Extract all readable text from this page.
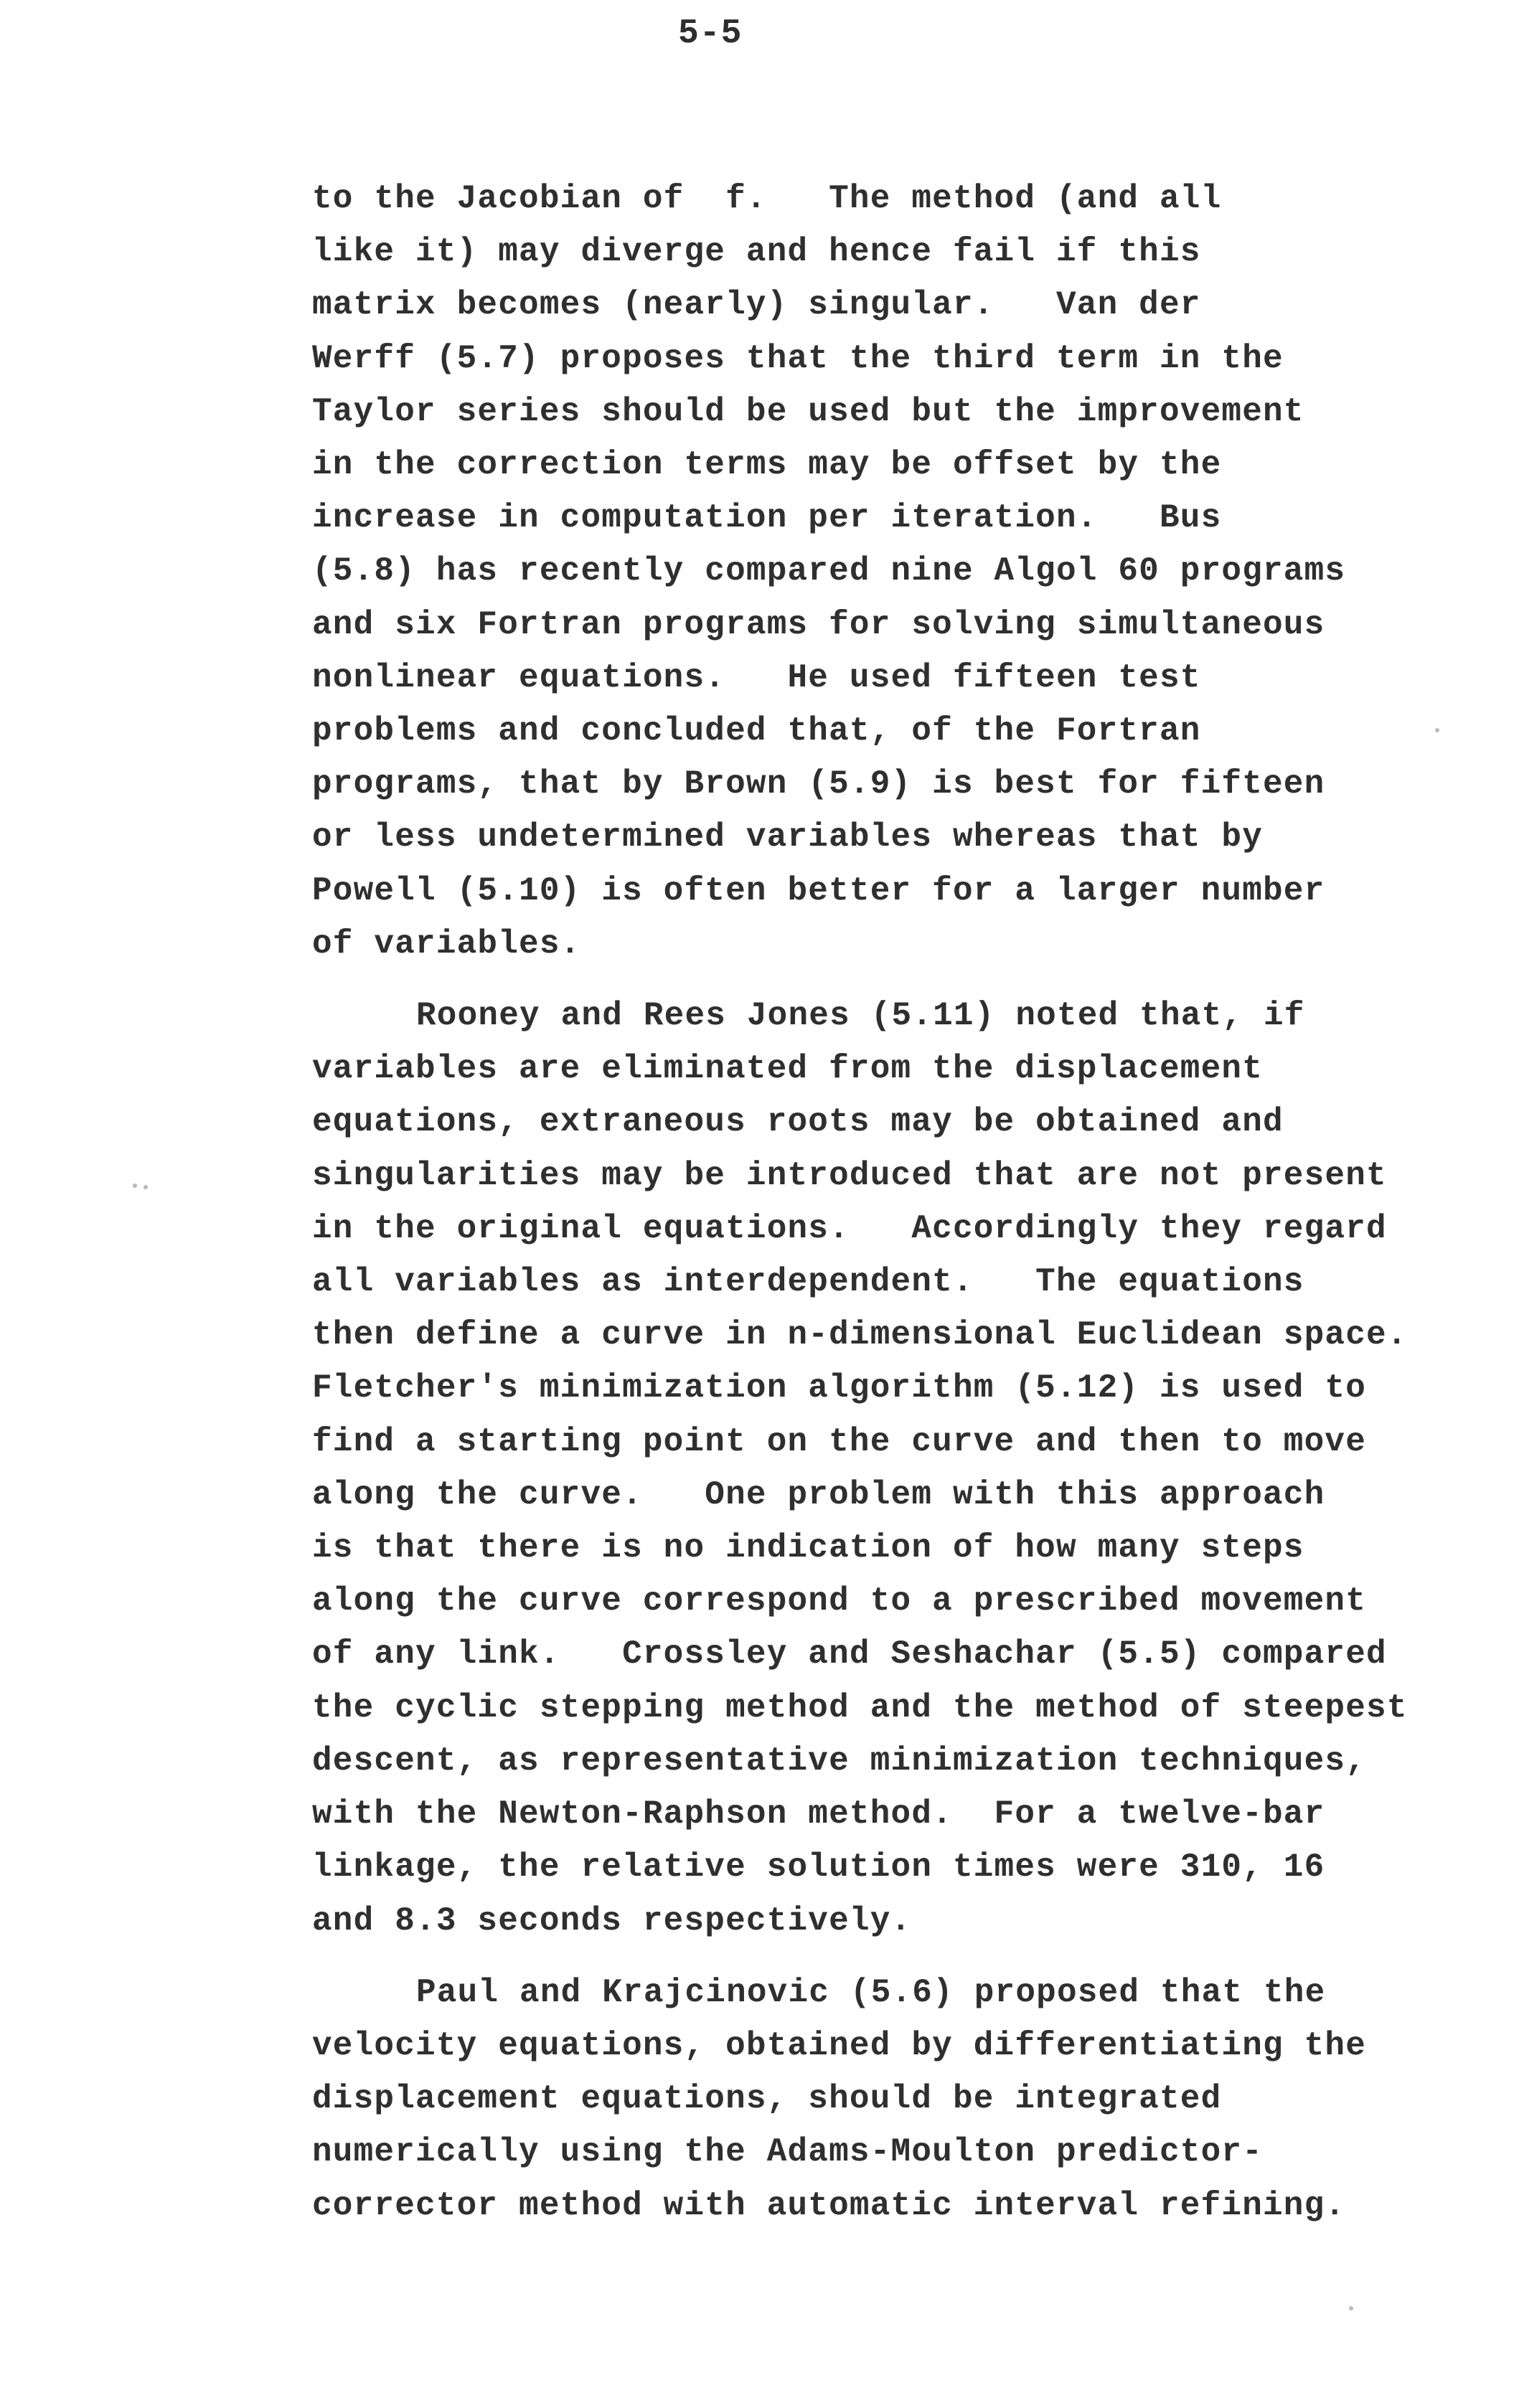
5-5
to the Jacobian of  f.   The method (and all
like it) may diverge and hence fail if this
matrix becomes (nearly) singular.   Van der
Werff (5.7) proposes that the third term in the
Taylor series should be used but the improvement
in the correction terms may be offset by the
increase in computation per iteration.   Bus
(5.8) has recently compared nine Algol 60 programs
and six Fortran programs for solving simultaneous
nonlinear equations.   He used fifteen test
problems and concluded that, of the Fortran
programs, that by Brown (5.9) is best for fifteen
or less undetermined variables whereas that by
Powell (5.10) is often better for a larger number
of variables.
Rooney and Rees Jones (5.11) noted that, if
variables are eliminated from the displacement
equations, extraneous roots may be obtained and
singularities may be introduced that are not present
in the original equations.   Accordingly they regard
all variables as interdependent.   The equations
then define a curve in n-dimensional Euclidean space.
Fletcher's minimization algorithm (5.12) is used to
find a starting point on the curve and then to move
along the curve.   One problem with this approach
is that there is no indication of how many steps
along the curve correspond to a prescribed movement
of any link.   Crossley and Seshachar (5.5) compared
the cyclic stepping method and the method of steepest
descent, as representative minimization techniques,
with the Newton-Raphson method.  For a twelve-bar
linkage, the relative solution times were 310, 16
and 8.3 seconds respectively.
Paul and Krajcinovic (5.6) proposed that the
velocity equations, obtained by differentiating the
displacement equations, should be integrated
numerically using the Adams-Moulton predictor-
corrector method with automatic interval refining.
